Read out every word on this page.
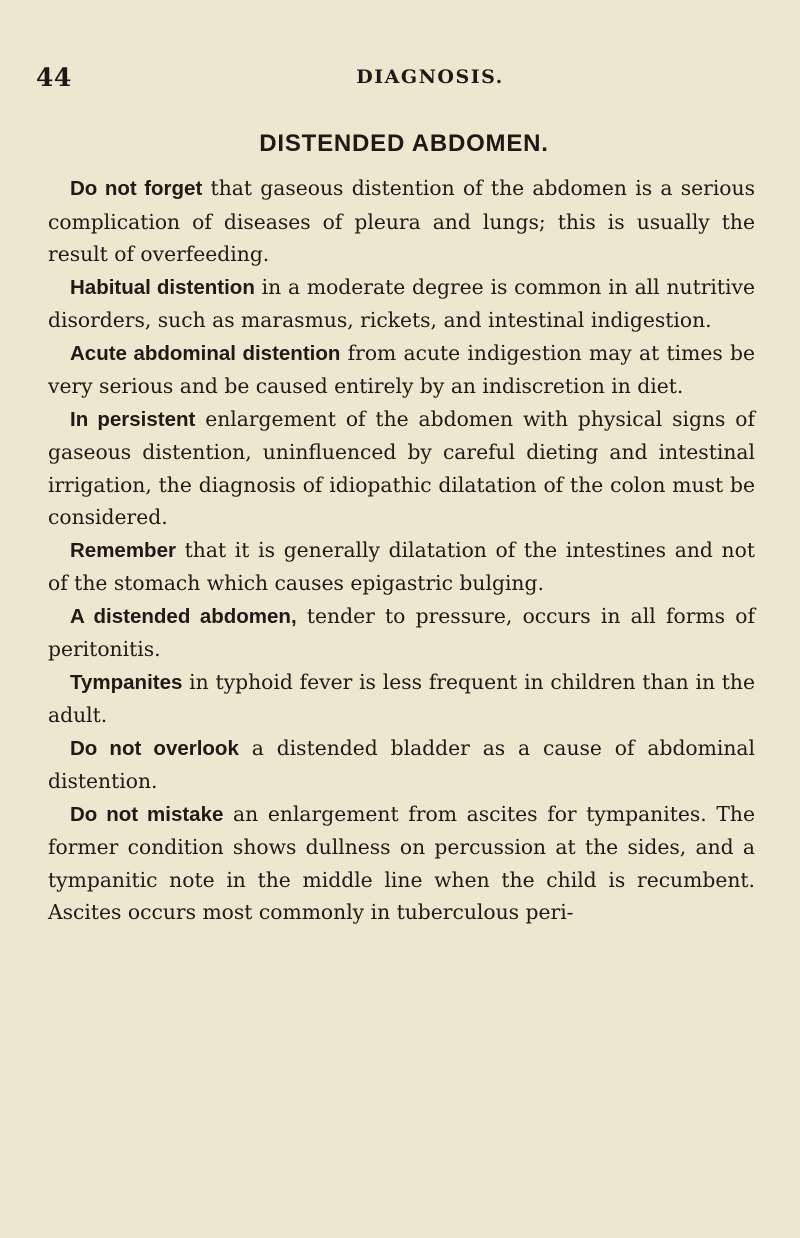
44	DIAGNOSIS.
DISTENDED ABDOMEN.

Do not forget that gaseous distention of the abdomen is a serious complication of diseases of pleura and lungs; this is usually the result of overfeeding.

Habitual distention in a moderate degree is common in all nutritive disorders, such as marasmus, rickets, and intestinal indigestion.

Acute abdominal distention from acute indigestion may at times be very serious and be caused entirely by an indiscretion in diet.

In persistent enlargement of the abdomen with physical signs of gaseous distention, uninfluenced by careful dieting and intestinal irrigation, the diagnosis of idiopathic dilatation of the colon must be considered.

Remember that it is generally dilatation of the intestines and not of the stomach which causes epigastric bulging.

A distended abdomen, tender to pressure, occurs in all forms of peritonitis.

Tympanites in typhoid fever is less frequent in children than in the adult.

Do not overlook a distended bladder as a cause of abdominal distention.

Do not mistake an enlargement from ascites for tympanites. The former condition shows dullness on percussion at the sides, and a tympanitic note in the middle line when the child is recumbent. Ascites occurs most commonly in tuberculous peri-
